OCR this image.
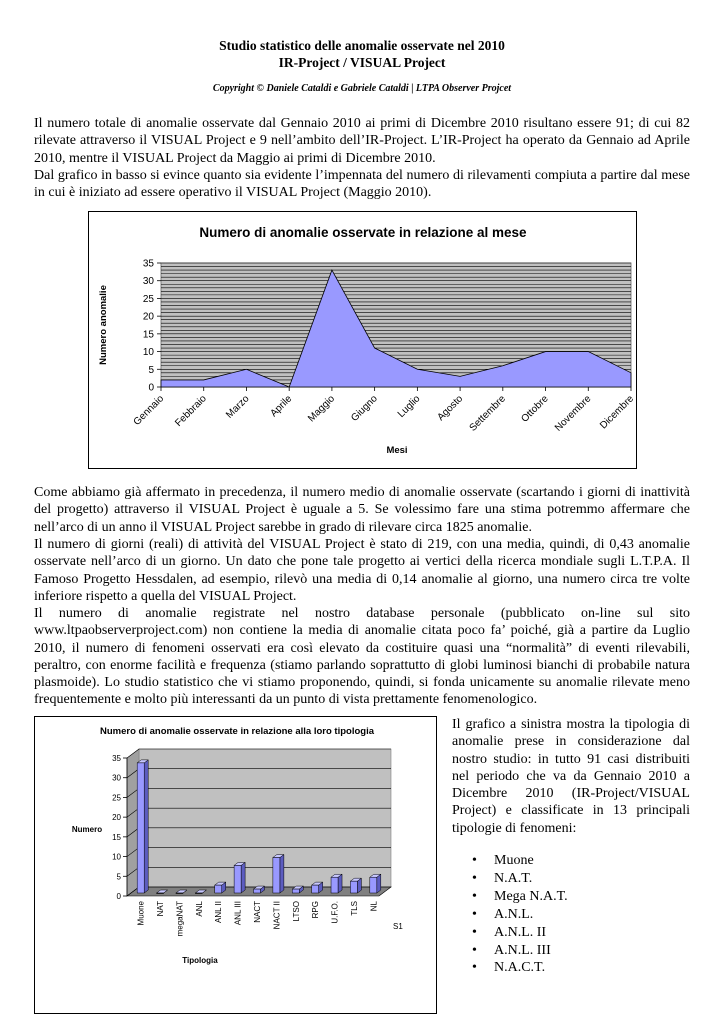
Studio statistico delle anomalie osservate nel 2010
IR-Project / VISUAL Project
Copyright © Daniele Cataldi e Gabriele Cataldi | LTPA Observer Projcet

Il numero totale di anomalie osservate dal Gennaio 2010 ai primi di Dicembre 2010 risultano essere 91; di cui 82 rilevate attraverso il VISUAL Project e 9 nell’ambito dell’IR-Project. L’IR-Project ha operato da Gennaio ad Aprile 2010, mentre il VISUAL Project da Maggio ai primi di Dicembre 2010.

Dal grafico in basso si evince quanto sia evidente l’impennata del numero di rilevamenti compiuta a partire dal mese in cui è iniziato ad essere operativo il VISUAL Project (Maggio 2010).

Numero di anomalie osservate in relazione al mese
Numero anomalie
Mesi
0
5
10
15
20
25
30
35
Gennaio Febbraio Marzo Aprile Maggio Giugno Luglio Agosto Settembre Ottobre Novembre Dicembre

Come abbiamo già affermato in precedenza, il numero medio di anomalie osservate (scartando i giorni di inattività del progetto) attraverso il VISUAL Project è uguale a 5. Se volessimo fare una stima potremmo affermare che nell’arco di un anno il VISUAL Project sarebbe in grado di rilevare circa 1825 anomalie.

Il numero di giorni (reali) di attività del VISUAL Project è stato di 219, con una media, quindi, di 0,43 anomalie osservate nell’arco di un giorno. Un dato che pone tale progetto ai vertici della ricerca mondiale sugli L.T.P.A. Il Famoso Progetto Hessdalen, ad esempio, rilevò una media di 0,14 anomalie al giorno, una numero circa tre volte inferiore rispetto a quella del VISUAL Project.

Il numero di anomalie registrate nel nostro database personale (pubblicato on-line sul sito www.ltpaobserverproject.com) non contiene la media di anomalie citata poco fa’ poiché, già a partire da Luglio 2010, il numero di fenomeni osservati era così elevato da costituire quasi una “normalità” di eventi rilevabili, peraltro, con enorme facilità e frequenza (stiamo parlando soprattutto di globi luminosi bianchi di probabile natura plasmoide). Lo studio statistico che vi stiamo proponendo, quindi, si fonda unicamente su anomalie rilevate meno frequentemente e molto più interessanti da un punto di vista prettamente fenomenologico.

Numero di anomalie osservate in relazione alla loro tipologia
Numero
Tipologia
S1
0
5
10
15
20
25
30
35
Muone NAT megaNAT ANL ANL II ANL III NACT NACT II LTSO RPG U.F.O. TLS NL

Il grafico a sinistra mostra la tipologia di anomalie prese in considerazione dal nostro studio: in tutto 91 casi distribuiti nel periodo che va da Gennaio 2010 a Dicembre 2010 (IR-Project/VISUAL Project) e classificate in 13 principali tipologie di fenomeni:

• Muone
• N.A.T.
• Mega N.A.T.
• A.N.L.
• A.N.L. II
• A.N.L. III
• N.A.C.T.
